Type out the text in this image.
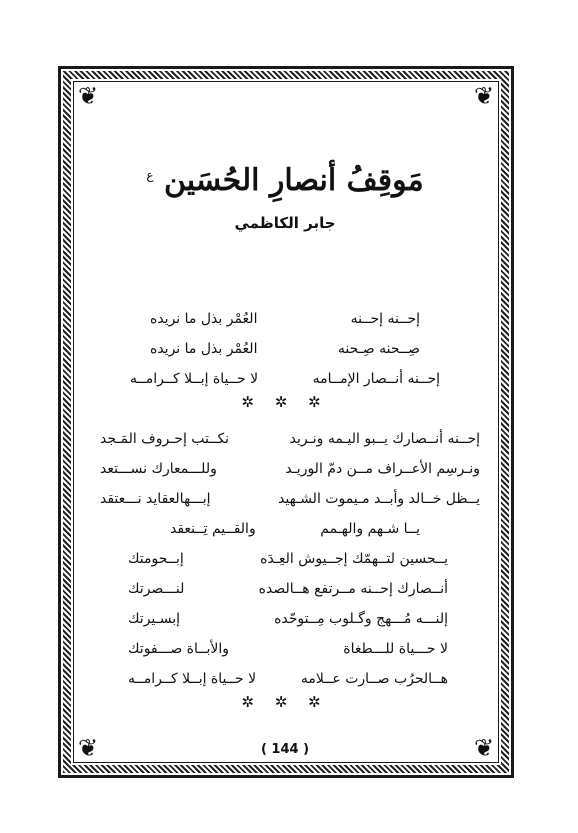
❦	❦
❦	❦
مَوقِفُ أنصارِ الحُسَين $^ع$
جابر الكاظمي
إحــنه إحــنه
العُمْر بذل ما نريده
صِــحنه صِـحنه
العُمْر بذل ما نريده
إحــنه أنــصار الإمــامه
لا حــياة إبــلا كــرامــه
✲ ✲ ✲
إحــنه أنــصارك يــبو اليـمه ونـريد
نكــتب إحـروف المَـجد
ونـرسِم الأعــراف مــن دمّ الوريـد
وللـــمعارك نســـتعد
يــظل خــالد وأبــد مـيموت الشـهيد
إبـــهالعقايد نـــعتقد
يــا شـهم والهـمم
والقــيم تِــنعقد
يــحسين لتــهمّك إجــيوش العِـدَه
إبــحومتك
أنــصارك إحــنه مــرتفع هــالصده
لنـــصرتك
إلنـــه مُـــهج وگـلوب مِــتوحّده
إبسـيرتك
لا حـــياة للـــطغاة
والأبــاة صـــفوتك
هــالحرُب صــارت عــلامه
لا حــياة إبــلا كــرامــه
✲ ✲ ✲
( 144 )
